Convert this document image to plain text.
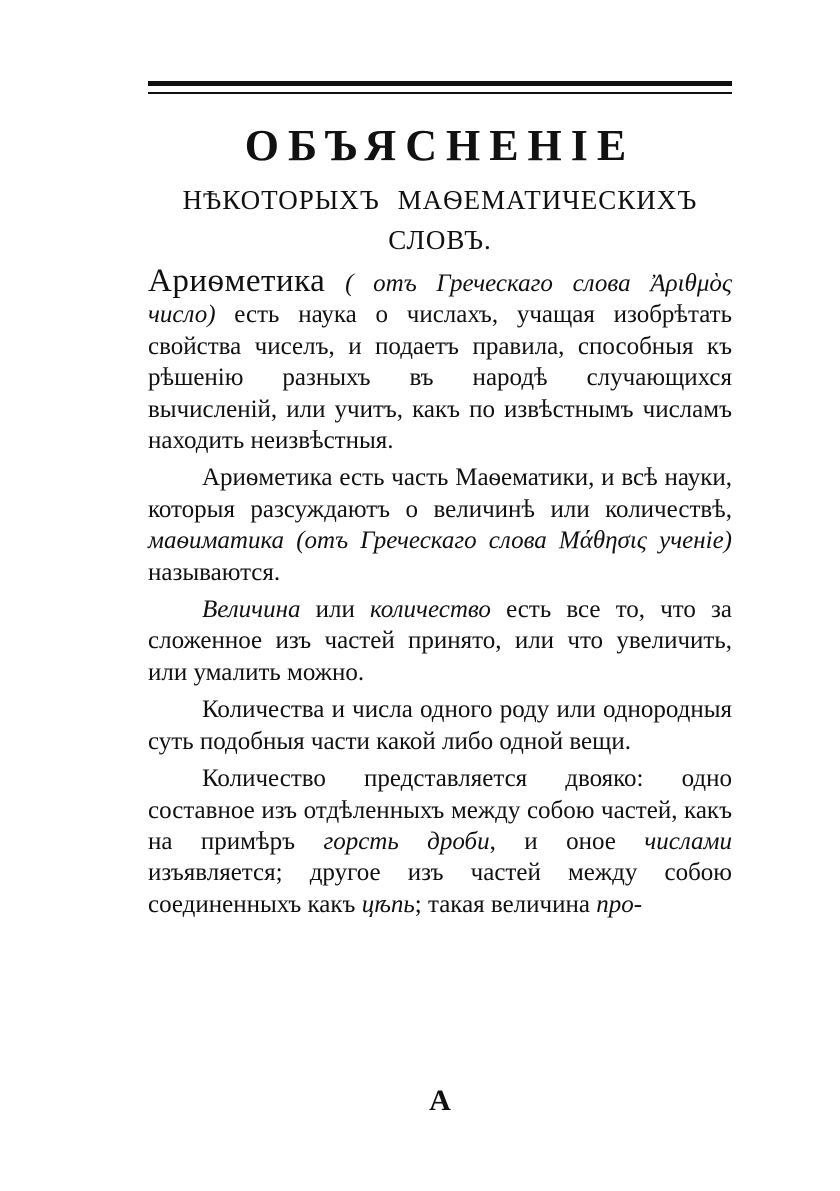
ОБЪЯСНЕНІЕ
НѢКОТОРЫХЪ МАѲЕМАТИЧЕСКИХЪ
СЛОВЪ.

Ариѳметика ( отъ Греческаго слова Ἀριθμὸς число) есть наука о числахъ, учащая изобрѣтать свойства чиселъ, и подаетъ правила, способныя къ рѣшенію разныхъ въ народѣ случающихся вычисленій, или учитъ, какъ по извѣстнымъ числамъ находить неизвѣстныя.

Ариѳметика есть часть Маѳематики, и всѣ науки, которыя разсуждаютъ о величинѣ или количествѣ, маѳиматика (отъ Греческаго слова Μάθησις ученіе) называются.

Величина или количество есть все то, что за сложенное изъ частей принято, или что увеличить, или умалить можно.

Количества и числа одного роду или однородныя суть подобныя части какой либо одной вещи.

Количество представляется двояко: одно составное изъ отдѣленныхъ между собою частей, какъ на примѣръ горсть дроби, и оное числами изъявляется; другое изъ частей между собою соединенныхъ какъ цѣпь; такая величина про-

A
